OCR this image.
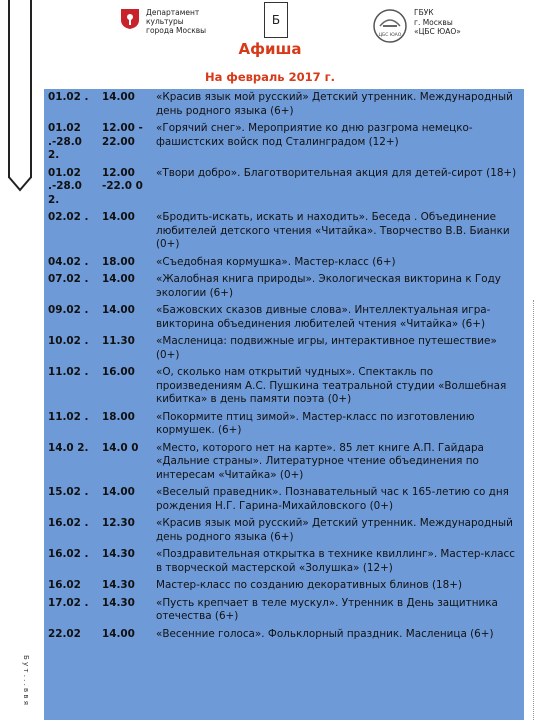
Департамент
культуры
города Москвы
Б
ЦБС ЮАО
ГБУК
г. Москвы
«ЦБС ЮАО»
Афиша
На февраль 2017 г.
01.02 .	14.00	«Красив язык мой русский» Детский утренник. Международный день родного языка (6+)
01.02 .-28.0 2.	12.00 - 22.00	«Горячий снег». Мероприятие ко дню разгрома немецко-фашистских войск под Сталинградом (12+)
01.02 .-28.0 2.	12.00 -22.0 0	«Твори добро». Благотворительная акция для детей-сирот (18+)
02.02 .	14.00	«Бродить-искать, искать и находить». Беседа . Объединение любителей детского чтения «Читайка». Творчество В.В. Бианки (0+)
04.02 .	18.00	«Съедобная кормушка». Мастер-класс (6+)
07.02 .	14.00	«Жалобная книга природы». Экологическая викторина к Году экологии (6+)
09.02 .	14.00	«Бажовских сказов дивные слова». Интеллектуальная игра-викторина объединения любителей чтения «Читайка» (6+)
10.02 .	11.30	«Масленица: подвижные игры, интерактивное путешествие» (0+)
11.02 .	16.00	«О, сколько нам открытий чудных». Спектакль по произведениям А.С. Пушкина театральной студии «Волшебная кибитка» в день памяти поэта (0+)
11.02 .	18.00	«Покормите птиц зимой». Мастер-класс по изготовлению кормушек. (6+)
14.0 2.	14.0 0	«Место, которого нет на карте». 85 лет книге А.П. Гайдара «Дальние страны». Литературное чтение объединения по интересам «Читайка» (0+)
15.02 .	14.00	«Веселый праведник». Познавательный час к 165-летию со дня рождения Н.Г. Гарина-Михайловского (0+)
16.02 .	12.30	«Красив язык мой русский» Детский утренник. Международный день родного языка (6+)
16.02 .	14.30	«Поздравительная открытка в технике квиллинг». Мастер-класс в творческой мастерской «Золушка» (12+)
16.02	14.30	Мастер-класс по созданию декоративных блинов (18+)
17.02 .	14.30	«Пусть крепчает в теле мускул». Утренник в День защитника отечества (6+)
22.02	14.00	«Весенние голоса». Фольклорный праздник. Масленица (6+)
Б у т . . . в в я
